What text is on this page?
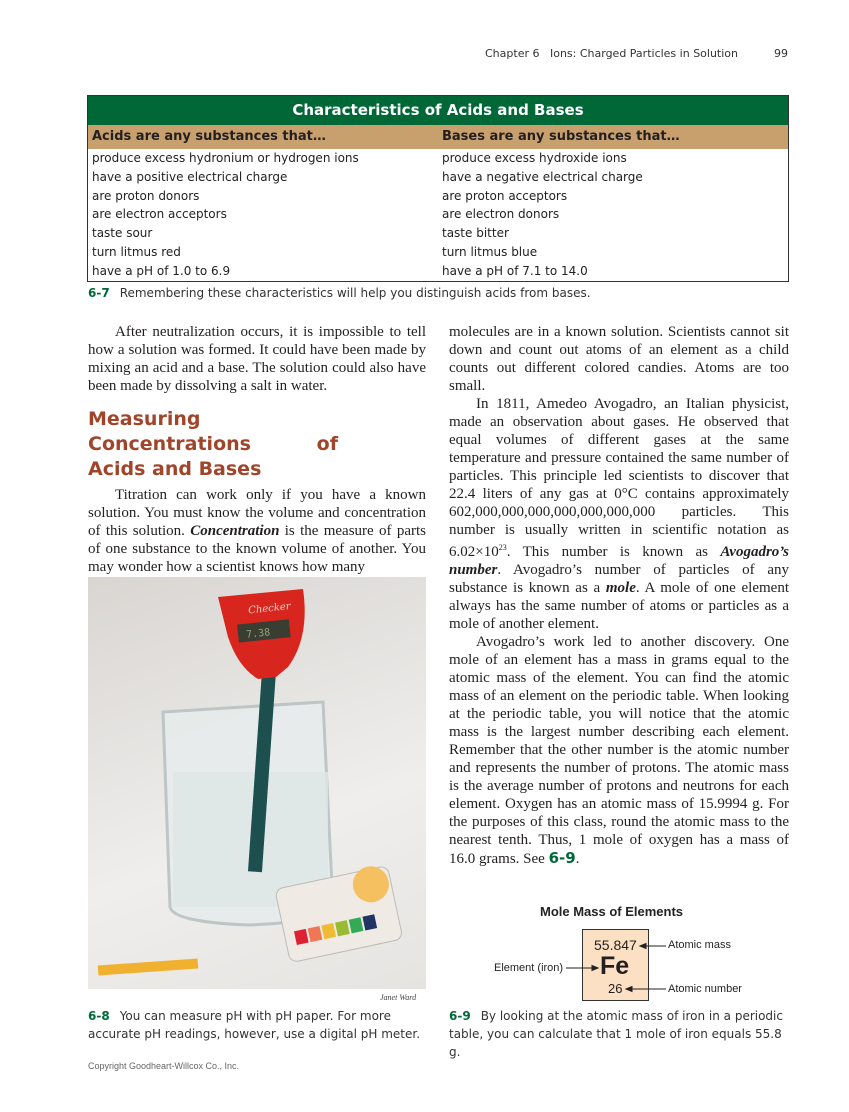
Chapter 6   Ions: Charged Particles in Solution	99
Characteristics of Acids and Bases
Acids are any substances that…	Bases are any substances that…
produce excess hydronium or hydrogen ions	produce excess hydroxide ions
have a positive electrical charge	have a negative electrical charge
are proton donors	are proton acceptors
are electron acceptors	are electron donors
taste sour	taste bitter
turn litmus red	turn litmus blue
have a pH of 1.0 to 6.9	have a pH of 7.1 to 14.0
6-7 Remembering these characteristics will help you distinguish acids from bases.

After neutralization occurs, it is impossible to tell how a solution was formed. It could have been made by mixing an acid and a base. The solution could also have been made by dissolving a salt in water.

Measuring Concentrations of Acids and Bases

Titration can work only if you have a known solution. You must know the volume and concentration of this solution. Concentration is the measure of parts of one substance to the known volume of another. You may wonder how a scientist knows how many

molecules are in a known solution. Scientists cannot sit down and count out atoms of an element as a child counts out different colored candies. Atoms are too small.

In 1811, Amedeo Avogadro, an Italian physicist, made an observation about gases. He observed that equal volumes of different gases at the same temperature and pressure contained the same number of particles. This principle led scientists to discover that 22.4 liters of any gas at 0°C contains approximately 602,000,000,000,000,000,000,000 particles. This number is usually written in scientific notation as $6.02\times 10^{23}$. This number is known as Avogadro’s number. Avogadro’s number of particles of any substance is known as a mole. A mole of one element always has the same number of atoms or particles as a mole of another element.

Avogadro’s work led to another discovery. One mole of an element has a mass in grams equal to the atomic mass of the element. You can find the atomic mass of an element on the periodic table. When looking at the periodic table, you will notice that the atomic mass is the largest number describing each element. Remember that the other number is the atomic number and represents the number of protons. The atomic mass is the average number of protons and neutrons for each element. Oxygen has an atomic mass of 15.9994 g. For the purposes of this class, round the atomic mass to the nearest tenth. Thus, 1 mole of oxygen has a mass of 16.0 grams. See 6-9.

7.38
Checker
Janet Ward
6-8 You can measure pH with pH paper. For more accurate pH readings, however, use a digital pH meter.
Mole Mass of Elements
55.847
Fe
26
Atomic mass
Element (iron)
Atomic number
6-9 By looking at the atomic mass of iron in a periodic table, you can calculate that 1 mole of iron equals 55.8 g.
Copyright Goodheart-Willcox Co., Inc.
